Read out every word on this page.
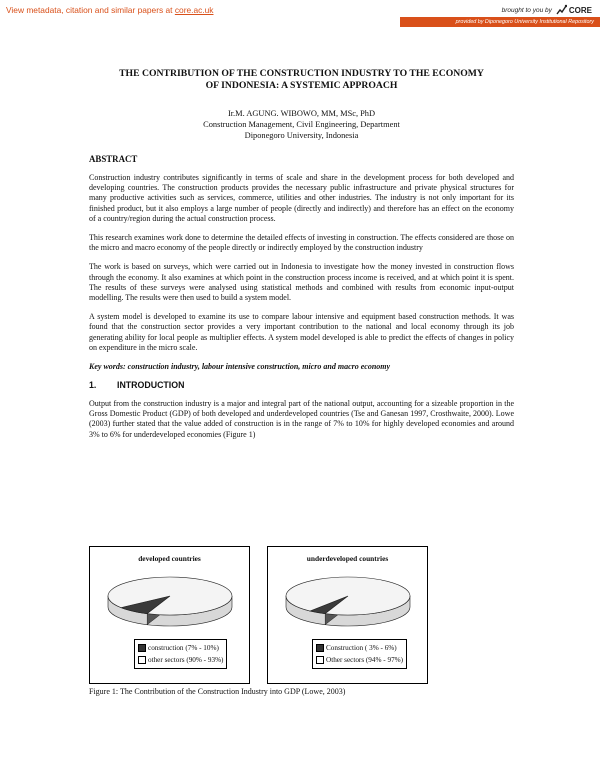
View metadata, citation and similar papers at core.ac.uk	brought to you by CORE
provided by Diponegoro University Institutional Repository
THE CONTRIBUTION OF THE CONSTRUCTION INDUSTRY TO THE ECONOMY
OF INDONESIA: A SYSTEMIC APPROACH
Ir.M. AGUNG. WIBOWO, MM, MSc, PhD
Construction Management, Civil Engineering, Department
Diponegoro University, Indonesia
ABSTRACT

Construction industry contributes significantly in terms of scale and share in the development process for both developed and developing countries. The construction products provides the necessary public infrastructure and private physical structures for many productive activities such as services, commerce, utilities and other industries. The industry is not only important for its finished product, but it also employs a large number of people (directly and indirectly) and therefore has an effect on the economy of a country/region during the actual construction process.

This research examines work done to determine the detailed effects of investing in construction. The effects considered are those on the micro and macro economy of the people directly or indirectly employed by the construction industry

The work is based on surveys, which were carried out in Indonesia to investigate how the money invested in construction flows through the economy. It also examines at which point in the construction process income is received, and at which point it is spent. The results of these surveys were analysed using statistical methods and combined with results from economic input-output modelling. The results were then used to build a system model.

A system model is developed to examine its use to compare labour intensive and equipment based construction methods. It was found that the construction sector provides a very important contribution to the national and local economy through its job generating ability for local people as multiplier effects. A system model developed is able to predict the effects of changes in policy on expenditure in the micro scale.

Key words: construction industry, labour intensive construction, micro and macro economy
1. INTRODUCTION

Output from the construction industry is a major and integral part of the national output, accounting for a sizeable proportion in the Gross Domestic Product (GDP) of both developed and underdeveloped countries (Tse and Ganesan 1997, Crosthwaite, 2000). Lowe (2003) further stated that the value added of construction is in the range of 7% to 10% for highly developed economies and around 3% to 6% for underdeveloped economies (Figure 1)

developed countries
construction (7% - 10%)
other sectors (90% - 93%)
underdeveloped countries
Construction ( 3% - 6%)
Other sectors (94% - 97%)
Figure 1: The Contribution of the Construction Industry into GDP (Lowe, 2003)
